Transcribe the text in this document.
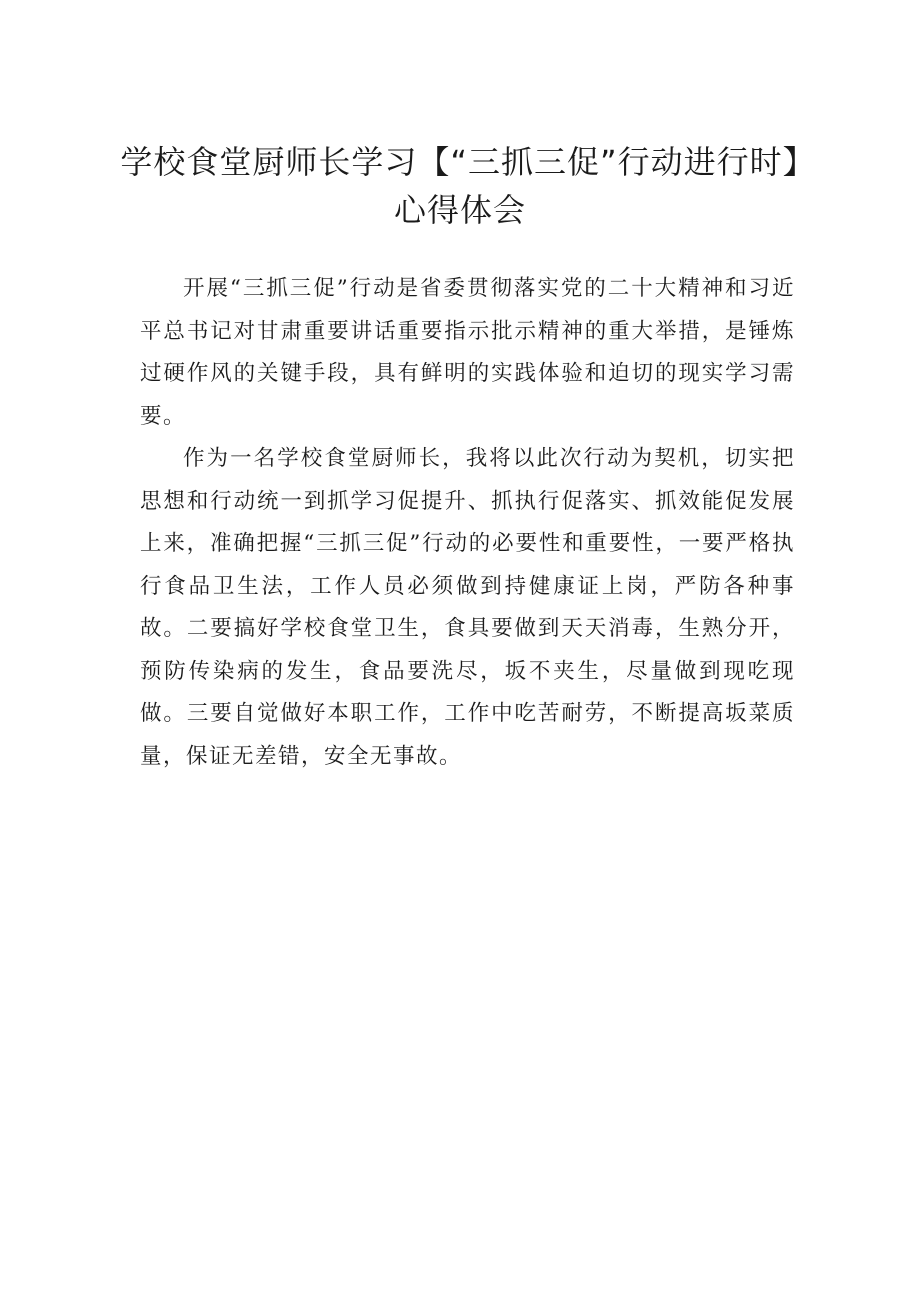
学校食堂厨师长学习【“三抓三促”行动进行时】心得体会

开展“三抓三促”行动是省委贯彻落实党的二十大精神和习近平总书记对甘肃重要讲话重要指示批示精神的重大举措，是锤炼过硬作风的关键手段，具有鲜明的实践体验和迫切的现实学习需要。

作为一名学校食堂厨师长，我将以此次行动为契机，切实把思想和行动统一到抓学习促提升、抓执行促落实、抓效能促发展上来，准确把握“三抓三促”行动的必要性和重要性，一要严格执行食品卫生法，工作人员必须做到持健康证上岗，严防各种事故。二要搞好学校食堂卫生，食具要做到天天消毒，生熟分开，预防传染病的发生，食品要洗尽，坂不夹生，尽量做到现吃现做。三要自觉做好本职工作，工作中吃苦耐劳，不断提高坂菜质量，保证无差错，安全无事故。
